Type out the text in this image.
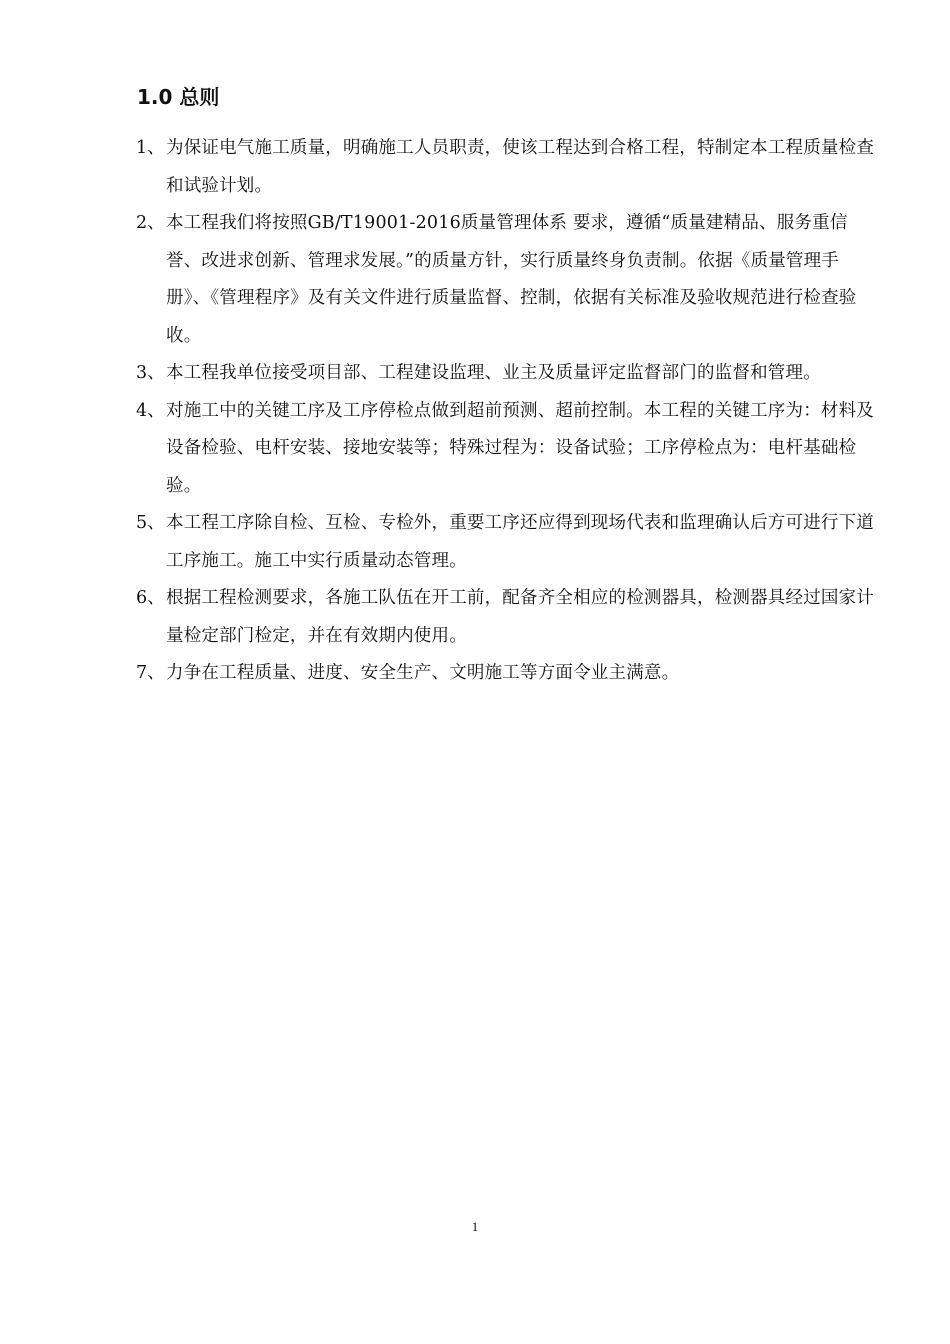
1.0 总则
1、 为保证电气施工质量，明确施工人员职责，使该工程达到合格工程，特制定本工程质量检查和试验计划。
2、 本工程我们将按照GB/T19001-2016质量管理体系 要求，遵循“质量建精品、服务重信誉、改进求创新、管理求发展。”的质量方针，实行质量终身负责制。依据《质量管理手册》、《管理程序》及有关文件进行质量监督、控制，依据有关标准及验收规范进行检查验收。
3、 本工程我单位接受项目部、工程建设监理、业主及质量评定监督部门的监督和管理。
4、 对施工中的关键工序及工序停检点做到超前预测、超前控制。本工程的关键工序为：材料及设备检验、电杆安装、接地安装等；特殊过程为：设备试验；工序停检点为：电杆基础检验。
5、 本工程工序除自检、互检、专检外，重要工序还应得到现场代表和监理确认后方可进行下道工序施工。施工中实行质量动态管理。
6、 根据工程检测要求，各施工队伍在开工前，配备齐全相应的检测器具，检测器具经过国家计量检定部门检定，并在有效期内使用。
7、 力争在工程质量、进度、安全生产、文明施工等方面令业主满意。
1
